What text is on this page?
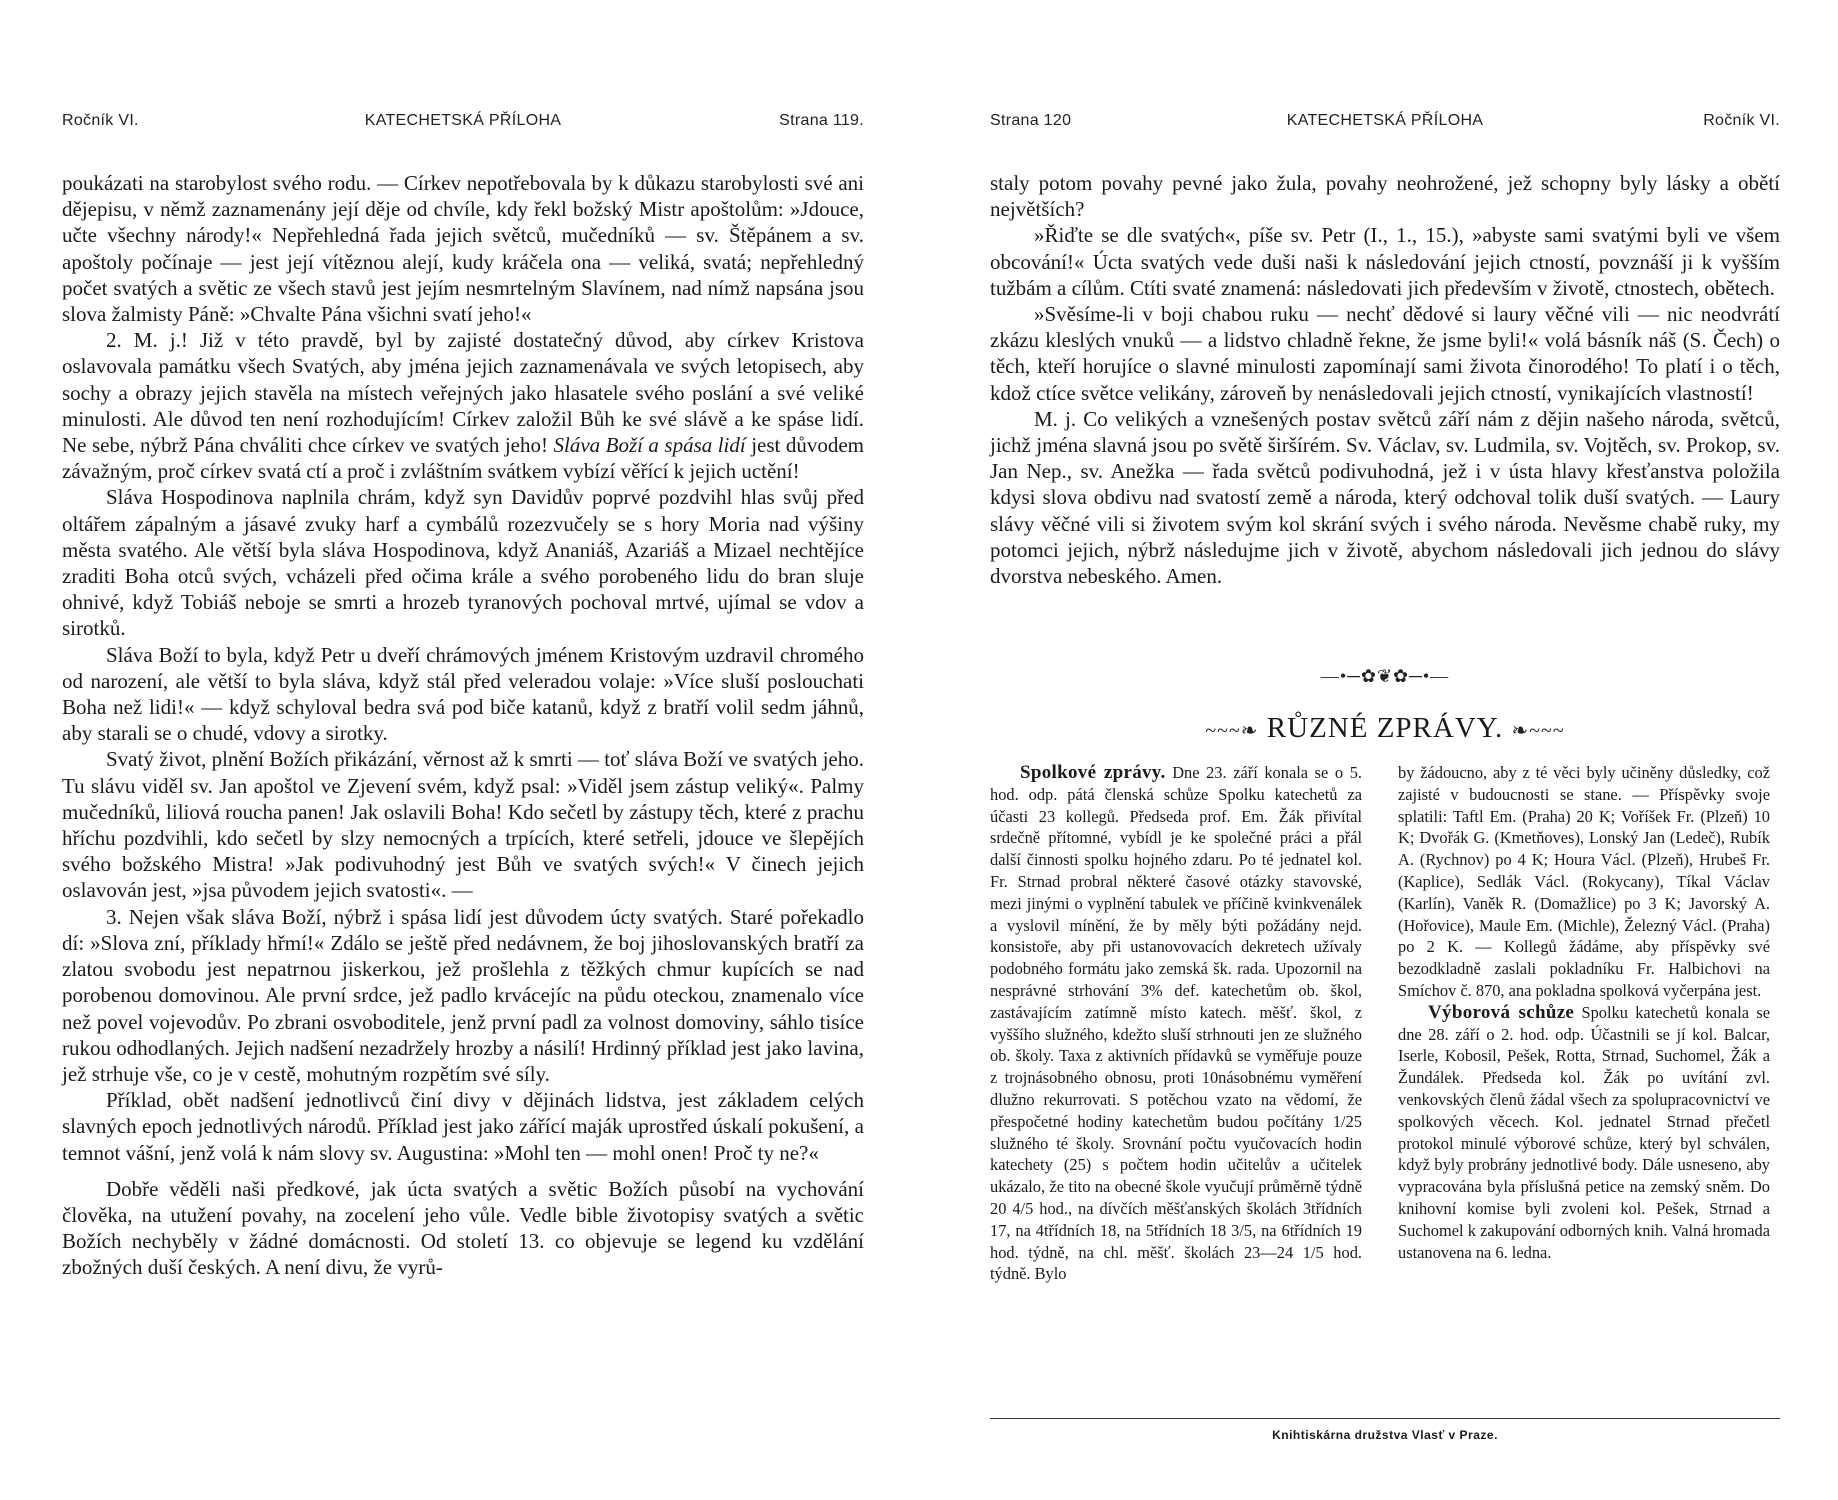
Ročník VI.	KATECHETSKÁ PŘÍLOHA	Strana 119.

poukázati na starobylost svého rodu. — Církev nepotřebovala by k důkazu starobylosti své ani dějepisu, v němž zaznamenány její děje od chvíle, kdy řekl božský Mistr apoštolům: »Jdouce, učte všechny národy!« Nepřehledná řada jejich světců, mučedníků — sv. Štěpánem a sv. apoštoly počínaje — jest její vítěznou alejí, kudy kráčela ona — veliká, svatá; nepřehledný počet svatých a světic ze všech stavů jest jejím nesmrtelným Slavínem, nad nímž napsána jsou slova žalmisty Páně: »Chvalte Pána všichni svatí jeho!«

2. M. j.! Již v této pravdě, byl by zajisté dostatečný důvod, aby církev Kristova oslavovala památku všech Svatých, aby jména jejich zaznamenávala ve svých letopisech, aby sochy a obrazy jejich stavěla na místech veřejných jako hlasatele svého poslání a své veliké minulosti. Ale důvod ten není rozhodujícím! Církev založil Bůh ke své slávě a ke spáse lidí. Ne sebe, nýbrž Pána chváliti chce církev ve svatých jeho! Sláva Boží a spása lidí jest důvodem závažným, proč církev svatá ctí a proč i zvláštním svátkem vybízí věřící k jejich uctění!

Sláva Hospodinova naplnila chrám, když syn Davidův poprvé pozdvihl hlas svůj před oltářem zápalným a jásavé zvuky harf a cymbálů rozezvučely se s hory Moria nad výšiny města svatého. Ale větší byla sláva Hospodinova, když Ananiáš, Azariáš a Mizael nechtějíce zraditi Boha otců svých, vcházeli před očima krále a svého porobeného lidu do bran sluje ohnivé, když Tobiáš neboje se smrti a hrozeb tyranových pochoval mrtvé, ujímal se vdov a sirotků.

Sláva Boží to byla, když Petr u dveří chrámových jménem Kristovým uzdravil chromého od narození, ale větší to byla sláva, když stál před veleradou volaje: »Více sluší poslouchati Boha než lidi!« — když schyloval bedra svá pod biče katanů, když z bratří volil sedm jáhnů, aby starali se o chudé, vdovy a sirotky.

Svatý život, plnění Božích přikázání, věrnost až k smrti — toť sláva Boží ve svatých jeho. Tu slávu viděl sv. Jan apoštol ve Zjevení svém, když psal: »Viděl jsem zástup veliký«. Palmy mučedníků, liliová roucha panen! Jak oslavili Boha! Kdo sečetl by zástupy těch, které z prachu hříchu pozdvihli, kdo sečetl by slzy nemocných a trpících, které setřeli, jdouce ve šlepějích svého božského Mistra! »Jak podivuhodný jest Bůh ve svatých svých!« V činech jejich oslavován jest, »jsa původem jejich svatosti«. —

3. Nejen však sláva Boží, nýbrž i spása lidí jest důvodem úcty svatých. Staré pořekadlo dí: »Slova zní, příklady hřmí!« Zdálo se ještě před nedávnem, že boj jihoslovanských bratří za zlatou svobodu jest nepatrnou jiskerkou, jež prošlehla z těžkých chmur kupících se nad porobenou domovinou. Ale první srdce, jež padlo krvácejíc na půdu oteckou, znamenalo více než povel vojevodův. Po zbrani osvoboditele, jenž první padl za volnost domoviny, sáhlo tisíce rukou odhodlaných. Jejich nadšení nezadržely hrozby a násilí! Hrdinný příklad jest jako lavina, jež strhuje vše, co je v cestě, mohutným rozpětím své síly.

Příklad, obět nadšení jednotlivců činí divy v dějinách lidstva, jest základem celých slavných epoch jednotlivých národů. Příklad jest jako zářící maják uprostřed úskalí pokušení, a temnot vášní, jenž volá k nám slovy sv. Augustina: »Mohl ten — mohl onen! Proč ty ne?«

Dobře věděli naši předkové, jak úcta svatých a světic Božích působí na vychování člověka, na utužení povahy, na zocelení jeho vůle. Vedle bible životopisy svatých a světic Božích nechyběly v žádné domácnosti. Od století 13. co objevuje se legend ku vzdělání zbožných duší českých. A není divu, že vyrů-

Strana 120	KATECHETSKÁ PŘÍLOHA	Ročník VI.

staly potom povahy pevné jako žula, povahy neohrožené, jež schopny byly lásky a obětí největších?

»Řiďte se dle svatých«, píše sv. Petr (I., 1., 15.), »abyste sami svatými byli ve všem obcování!« Úcta svatých vede duši naši k následování jejich ctností, povznáší ji k vyšším tužbám a cílům. Ctíti svaté znamená: následovati jich především v životě, ctnostech, obětech.

»Svěsíme-li v boji chabou ruku — nechť dědové si laury věčné vili — nic neodvrátí zkázu kleslých vnuků — a lidstvo chladně řekne, že jsme byli!« volá básník náš (S. Čech) o těch, kteří horujíce o slavné minulosti zapomínají sami života činorodého! To platí i o těch, kdož ctíce světce velikány, zároveň by nenásledovali jejich ctností, vynikajících vlastností!

M. j. Co velikých a vznešených postav světců září nám z dějin našeho národa, světců, jichž jména slavná jsou po světě širšírém. Sv. Václav, sv. Ludmila, sv. Vojtěch, sv. Prokop, sv. Jan Nep., sv. Anežka — řada světců podivuhodná, jež i v ústa hlavy křesťanstva položila kdysi slova obdivu nad svatostí země a národa, který odchoval tolik duší svatých. — Laury slávy věčné vili si životem svým kol skrání svých i svého národa. Nevěsme chabě ruky, my potomci jejich, nýbrž následujme jich v životě, abychom následovali jich jednou do slávy dvorstva nebeského. Amen.

—•─✿❦✿─•—
~~~❧ RŮZNÉ ZPRÁVY. ❧~~~

Spolkové zprávy. Dne 23. září konala se o 5. hod. odp. pátá členská schůze Spolku katechetů za účasti 23 kollegů. Předseda prof. Em. Žák přivítal srdečně přítomné, vybídl je ke společné práci a přál další činnosti spolku hojného zdaru. Po té jednatel kol. Fr. Strnad probral některé časové otázky stavovské, mezi jinými o vyplnění tabulek ve příčině kvinkvenálek a vyslovil mínění, že by měly býti požádány nejd. konsistoře, aby při ustanovovacích dekretech užívaly podobného formátu jako zemská šk. rada. Upozornil na nesprávné strhování 3% def. katechetům ob. škol, zastávajícím zatímně místo katech. měšť. škol, z vyššího služného, kdežto sluší strhnouti jen ze služného ob. školy. Taxa z aktivních přídavků se vyměřuje pouze z trojnásobného obnosu, proti 10násobnému vyměření dlužno rekurrovati. S potěchou vzato na vědomí, že přespočetné hodiny katechetům budou počítány 1/25 služného té školy. Srovnání počtu vyučovacích hodin katechety (25) s počtem hodin učitelův a učitelek ukázalo, že tito na obecné škole vyučují průměrně týdně 20 4/5 hod., na dívčích měšťanských školách 3třídních 17, na 4třídních 18, na 5třídních 18 3/5, na 6třídních 19 hod. týdně, na chl. měšť. školách 23—24 1/5 hod. týdně. Bylo

by žádoucno, aby z té věci byly učiněny důsledky, což zajisté v budoucnosti se stane. — Příspěvky svoje splatili: Taftl Em. (Praha) 20 K; Voříšek Fr. (Plzeň) 10 K; Dvořák G. (Kmetňoves), Lonský Jan (Ledeč), Rubík A. (Rychnov) po 4 K; Houra Václ. (Plzeň), Hrubeš Fr. (Kaplice), Sedlák Václ. (Rokycany), Tíkal Václav (Karlín), Vaněk R. (Domažlice) po 3 K; Javorský A. (Hořovice), Maule Em. (Michle), Železný Václ. (Praha) po 2 K. — Kollegů žádáme, aby příspěvky své bezodkladně zaslali pokladníku Fr. Halbichovi na Smíchov č. 870, ana pokladna spolková vyčerpána jest.

Výborová schůze Spolku katechetů konala se dne 28. září o 2. hod. odp. Účastnili se jí kol. Balcar, Iserle, Kobosil, Pešek, Rotta, Strnad, Suchomel, Žák a Žundálek. Předseda kol. Žák po uvítání zvl. venkovských členů žádal všech za spolupracovnictví ve spolkových věcech. Kol. jednatel Strnad přečetl protokol minulé výborové schůze, který byl schválen, když byly probrány jednotlivé body. Dále usneseno, aby vypracována byla příslušná petice na zemský sněm. Do knihovní komise byli zvoleni kol. Pešek, Strnad a Suchomel k zakupování odborných knih. Valná hromada ustanovena na 6. ledna.

Knihtiskárna družstva Vlasť v Praze.
